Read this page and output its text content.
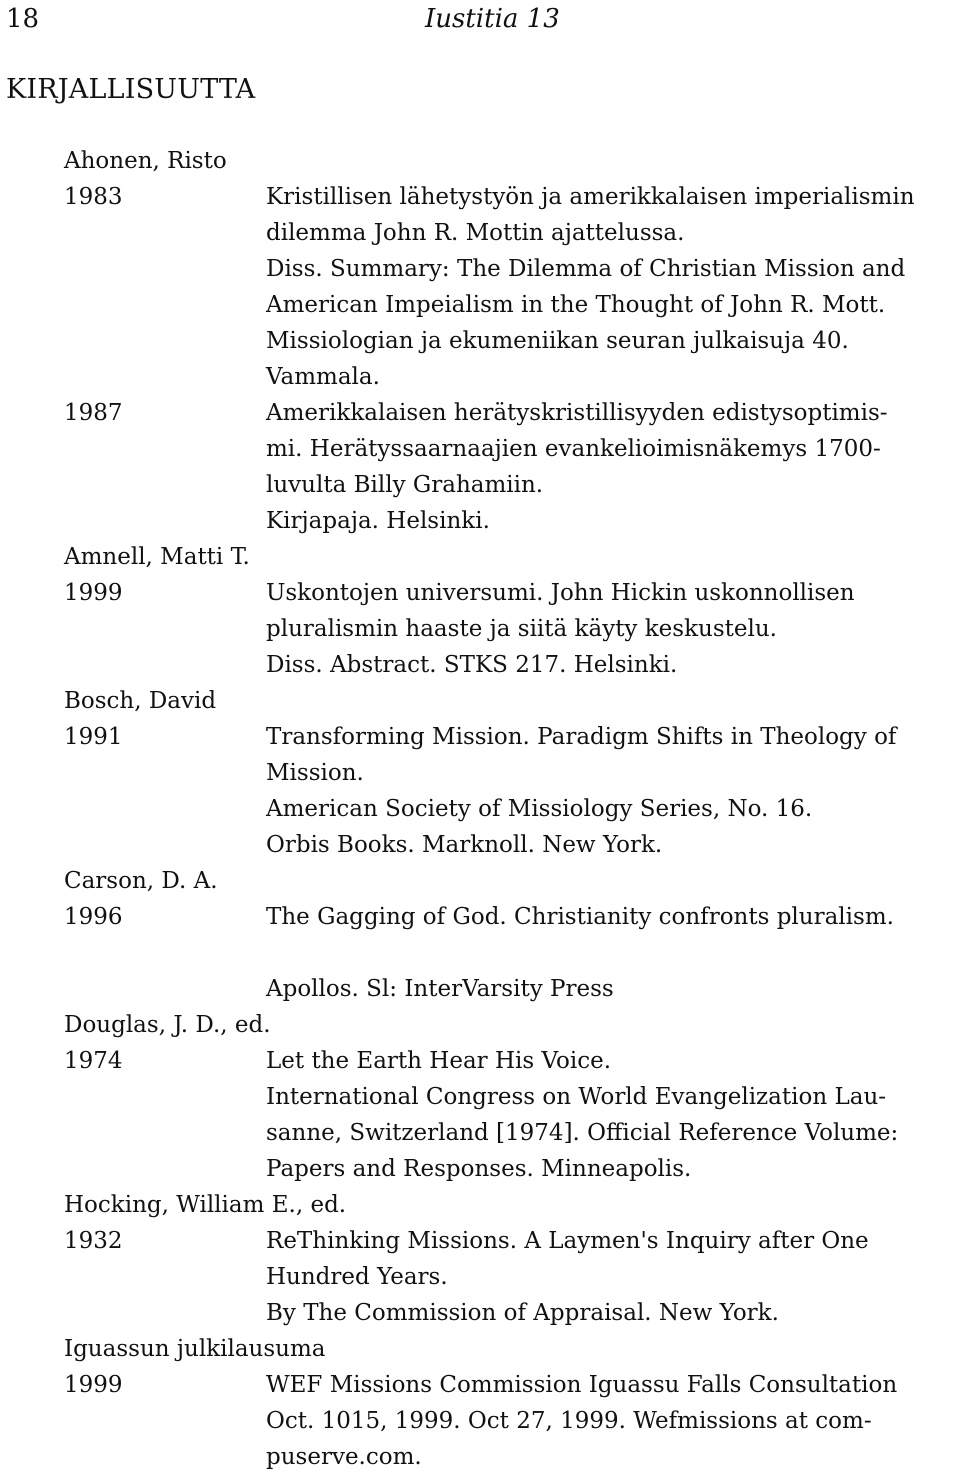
18	Iustitia 13
KIRJALLISUUTTA
Ahonen, Risto
1983	Kristillisen lähetystyön ja amerikkalaisen imperialismin
dilemma John R. Mottin ajattelussa.
Diss. Summary: The Dilemma of Christian Mission and
American Impeialism in the Thought of John R. Mott.
Missiologian ja ekumeniikan seuran julkaisuja 40.
Vammala.
1987	Amerikkalaisen herätyskristillisyyden edistysoptimis-
mi. Herätyssaarnaajien evankelioimisnäkemys 1700-
luvulta Billy Grahamiin.
Kirjapaja. Helsinki.
Amnell, Matti T.
1999	Uskontojen universumi. John Hickin uskonnollisen
pluralismin haaste ja siitä käyty keskustelu.
Diss. Abstract. STKS 217. Helsinki.
Bosch, David
1991	Transforming Mission. Paradigm Shifts in Theology of
Mission.
American Society of Missiology Series, No. 16.
Orbis Books. Marknoll. New York.
Carson, D. A.
1996	The Gagging of God. Christianity confronts pluralism.
Apollos. Sl: InterVarsity Press
Douglas, J. D., ed.
1974	Let the Earth Hear His Voice.
International Congress on World Evangelization Lau-
sanne, Switzerland [1974]. Official Reference Volume:
Papers and Responses. Minneapolis.
Hocking, William E., ed.
1932	ReThinking Missions. A Laymen's Inquiry after One
Hundred Years.
By The Commission of Appraisal. New York.
Iguassun julkilausuma
1999	WEF Missions Commission Iguassu Falls Consultation
Oct. 1015, 1999. Oct 27, 1999. Wefmissions at com-
puserve.com.
